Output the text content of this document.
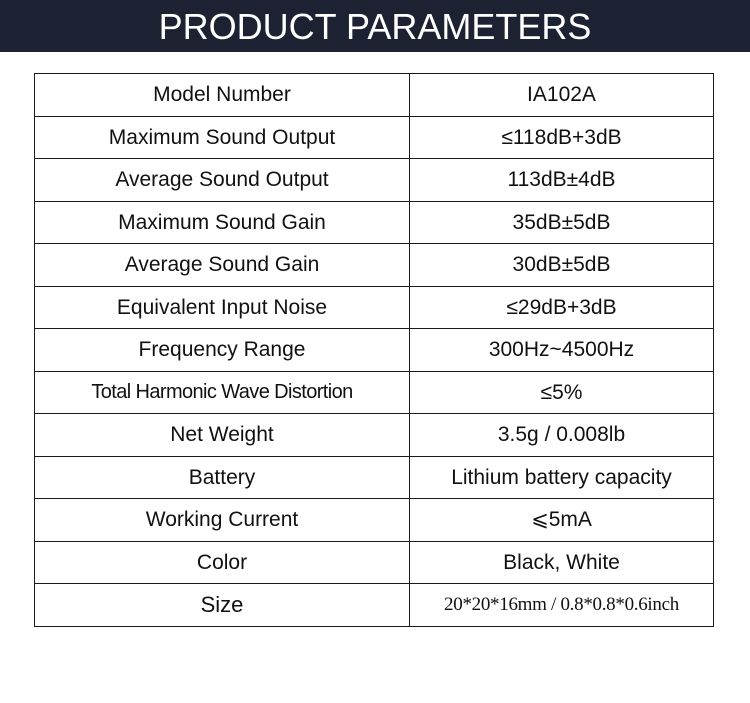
PRODUCT PARAMETERS
Model Number	IA102A
Maximum Sound Output	≤118dB+3dB
Average Sound Output	113dB±4dB
Maximum Sound Gain	35dB±5dB
Average Sound Gain	30dB±5dB
Equivalent Input Noise	≤29dB+3dB
Frequency Range	300Hz~4500Hz
Total Harmonic Wave Distortion	≤5%
Net Weight	3.5g / 0.008lb
Battery	Lithium battery capacity
Working Current	⩽5mA
Color	Black, White
Size	20*20*16mm / 0.8*0.8*0.6inch
